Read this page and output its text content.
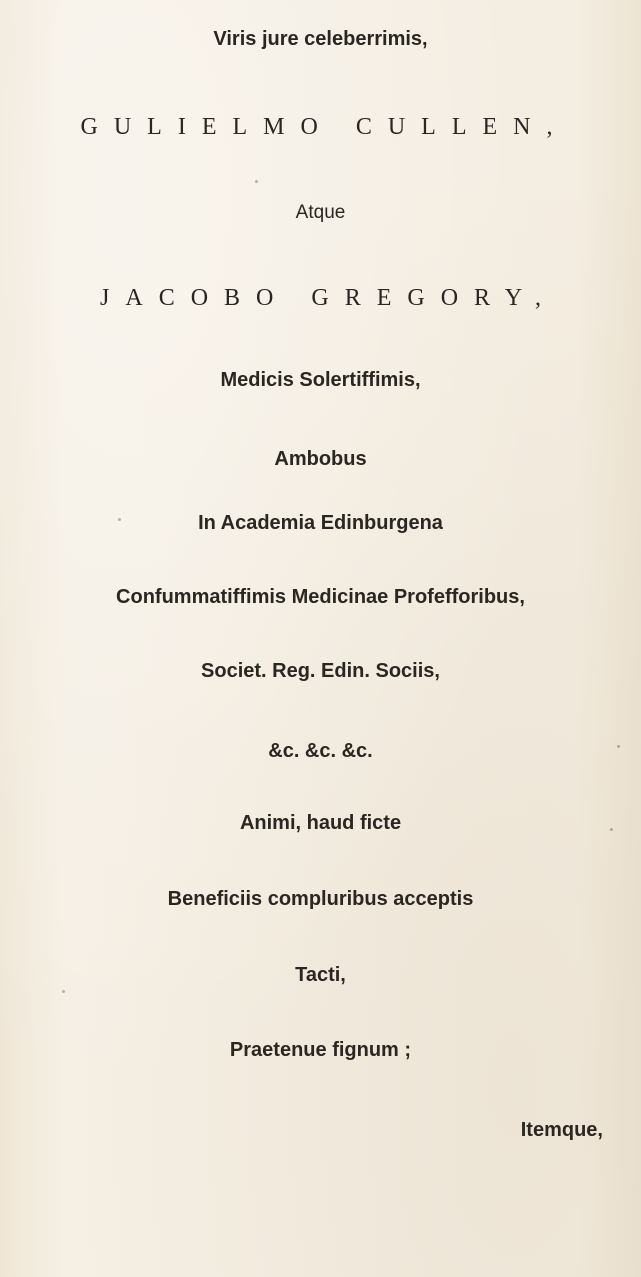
Viris jure celeberrimis,
GULIELMO CULLEN,
Atque
JACOBO GREGORY,
Medicis Solertiffimis,
Ambobus
In Academia Edinburgena
Confummatiffimis Medicinae Profefforibus,
Societ. Reg. Edin. Sociis,
&c. &c. &c.
Animi, haud ficte
Beneficiis compluribus acceptis
Tacti,
Praetenue fignum ;
Itemque,
